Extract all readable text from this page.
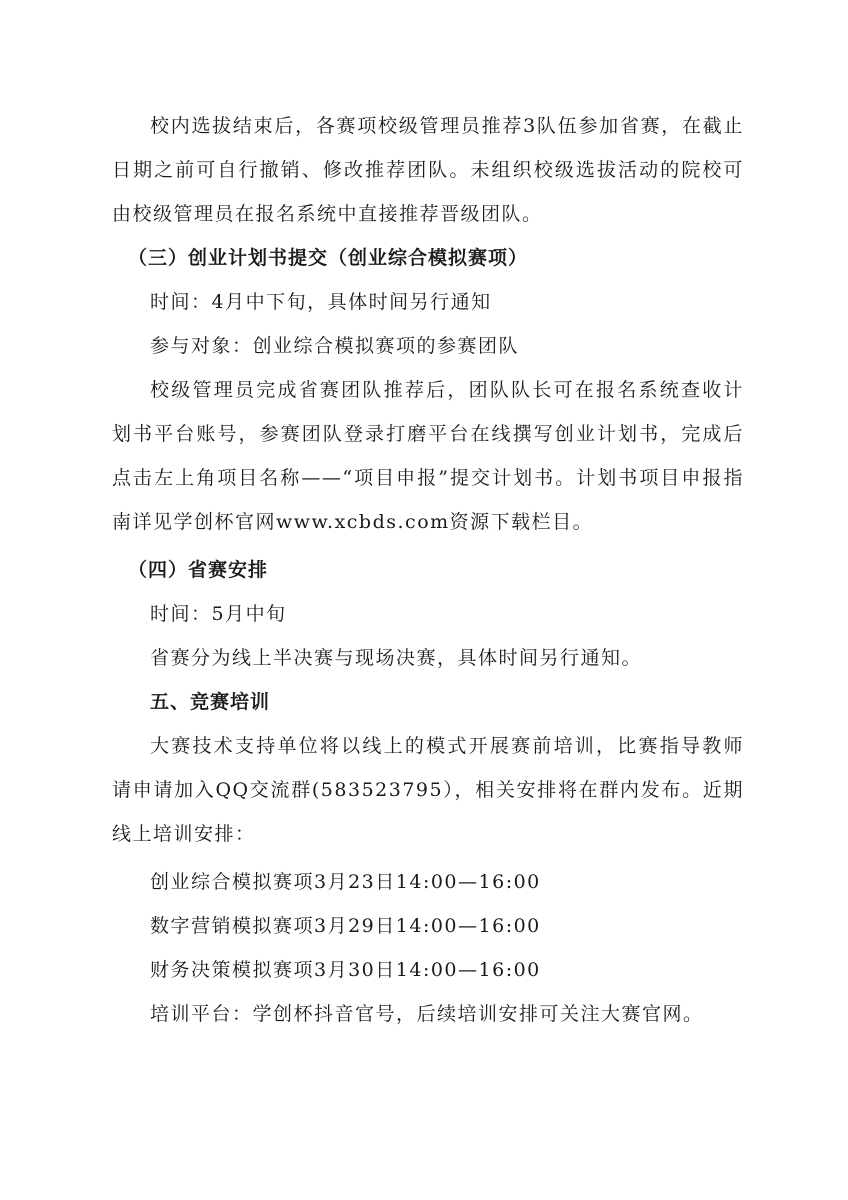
校内选拔结束后，各赛项校级管理员推荐3队伍参加省赛，在截止日期之前可自行撤销、修改推荐团队。未组织校级选拔活动的院校可由校级管理员在报名系统中直接推荐晋级团队。

（三）创业计划书提交（创业综合模拟赛项）

时间：4月中下旬，具体时间另行通知

参与对象：创业综合模拟赛项的参赛团队

校级管理员完成省赛团队推荐后，团队队长可在报名系统查收计划书平台账号，参赛团队登录打磨平台在线撰写创业计划书，完成后点击左上角项目名称——“项目申报”提交计划书。计划书项目申报指南详见学创杯官网www.xcbds.com资源下载栏目。

（四）省赛安排

时间：5月中旬

省赛分为线上半决赛与现场决赛，具体时间另行通知。

五、竞赛培训

大赛技术支持单位将以线上的模式开展赛前培训，比赛指导教师请申请加入QQ交流群(583523795），相关安排将在群内发布。近期线上培训安排：

创业综合模拟赛项3月23日14:00—16:00

数字营销模拟赛项3月29日14:00—16:00

财务决策模拟赛项3月30日14:00—16:00

培训平台：学创杯抖音官号，后续培训安排可关注大赛官网。
